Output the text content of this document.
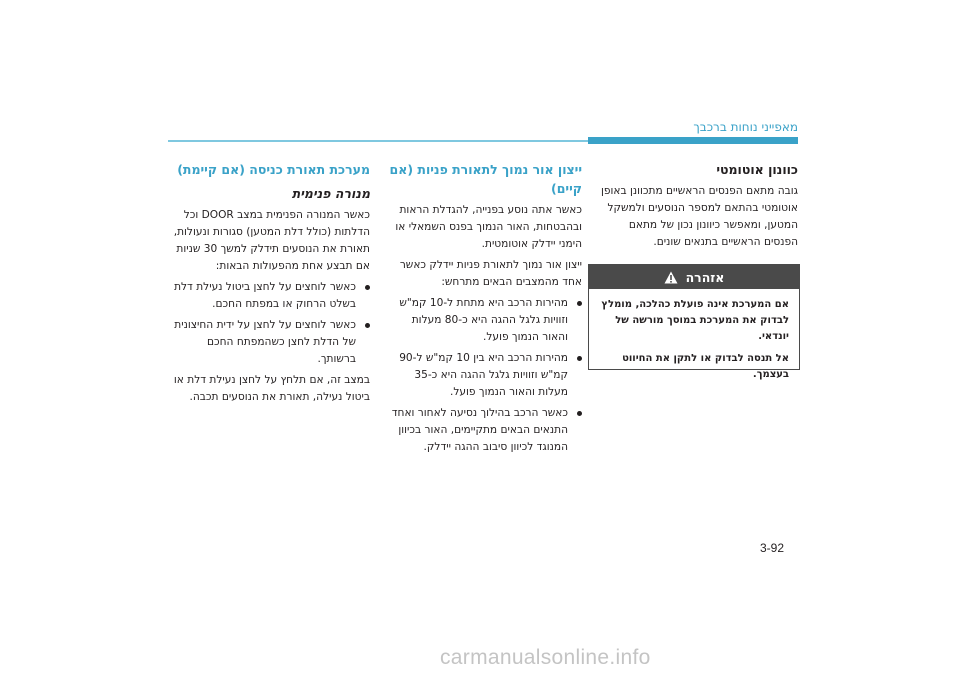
מאפייני נוחות ברכבך
כוונון אוטומטי
גובה מתאם הפנסים הראשיים מתכוונן באופן אוטומטי בהתאם למספר הנוסעים ולמשקל המטען, ומאפשר כיוונון נכון של מתאם הפנסים הראשיים בתנאים שונים.
אזהרה

אם המערכת אינה פועלת כהלכה, מומלץ לבדוק את המערכת במוסך מורשה של יונדאי.

אל תנסה לבדוק או לתקן את החיווט בעצמך.

ייצון אור נמוך לתאורת פניות (אם קיים)
כאשר אתה נוסע בפנייה, להגדלת הראות ובהבטחות, האור הנמוך בפנס השמאלי או הימני יידלק אוטומטית.
ייצון אור נמוך לתאורת פניות יידלק כאשר אחד מהמצבים הבאים מתרחש:
מהירות הרכב היא מתחת ל‑10 קמ"ש וזוויות גלגל ההגה היא כ‑80 מעלות והאור הנמוך פועל.
מהירות הרכב היא בין 10 קמ"ש ל‑90 קמ"ש וזוויות גלגל ההגה היא כ‑35 מעלות והאור הנמוך פועל.
כאשר הרכב בהילוך נסיעה לאחור ואחד התנאים הבאים מתקיימים, האור בכיוון המנוגד לכיוון סיבוב ההגה יידלק.
מערכת תאורת כניסה (אם קיימת)
מנורה פנימית
כאשר המנורה הפנימית במצב DOOR וכל הדלתות (כולל דלת המטען) סגורות ונעולות, תאורת את הנוסעים תידלק למשך 30 שניות אם תבצע אחת מהפעולות הבאות:
כאשר לוחצים על לחצן ביטול נעילת דלת בשלט הרחוק או במפתח החכם.
כאשר לוחצים על לחצן על ידית החיצונית של הדלת לחצן כשהמפתח החכם ברשותך.
במצב זה, אם תלחץ על לחצן נעילת דלת או ביטול נעילה, תאורת את הנוסעים תכבה.
3-92
carmanualsonline.info
